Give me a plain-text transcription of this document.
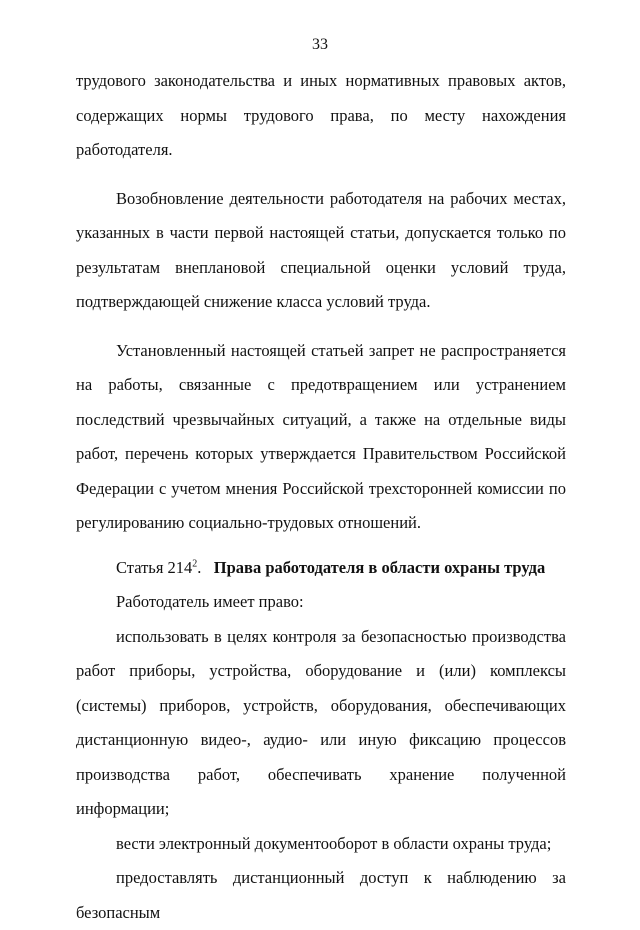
33

трудового законодательства и иных нормативных правовых актов, содержащих нормы трудового права, по месту нахождения работодателя.

Возобновление деятельности работодателя на рабочих местах, указанных в части первой настоящей статьи, допускается только по результатам внеплановой специальной оценки условий труда, подтверждающей снижение класса условий труда.

Установленный настоящей статьей запрет не распространяется на работы, связанные с предотвращением или устранением последствий чрезвычайных ситуаций, а также на отдельные виды работ, перечень которых утверждается Правительством Российской Федерации с учетом мнения Российской трехсторонней комиссии по регулированию социально-трудовых отношений.

Статья $214^2$. Права работодателя в области охраны труда

Работодатель имеет право:

использовать в целях контроля за безопасностью производства работ приборы, устройства, оборудование и (или) комплексы (системы) приборов, устройств, оборудования, обеспечивающих дистанционную видео-, аудио- или иную фиксацию процессов производства работ, обеспечивать хранение полученной информации;

вести электронный документооборот в области охраны труда;

предоставлять дистанционный доступ к наблюдению за безопасным
